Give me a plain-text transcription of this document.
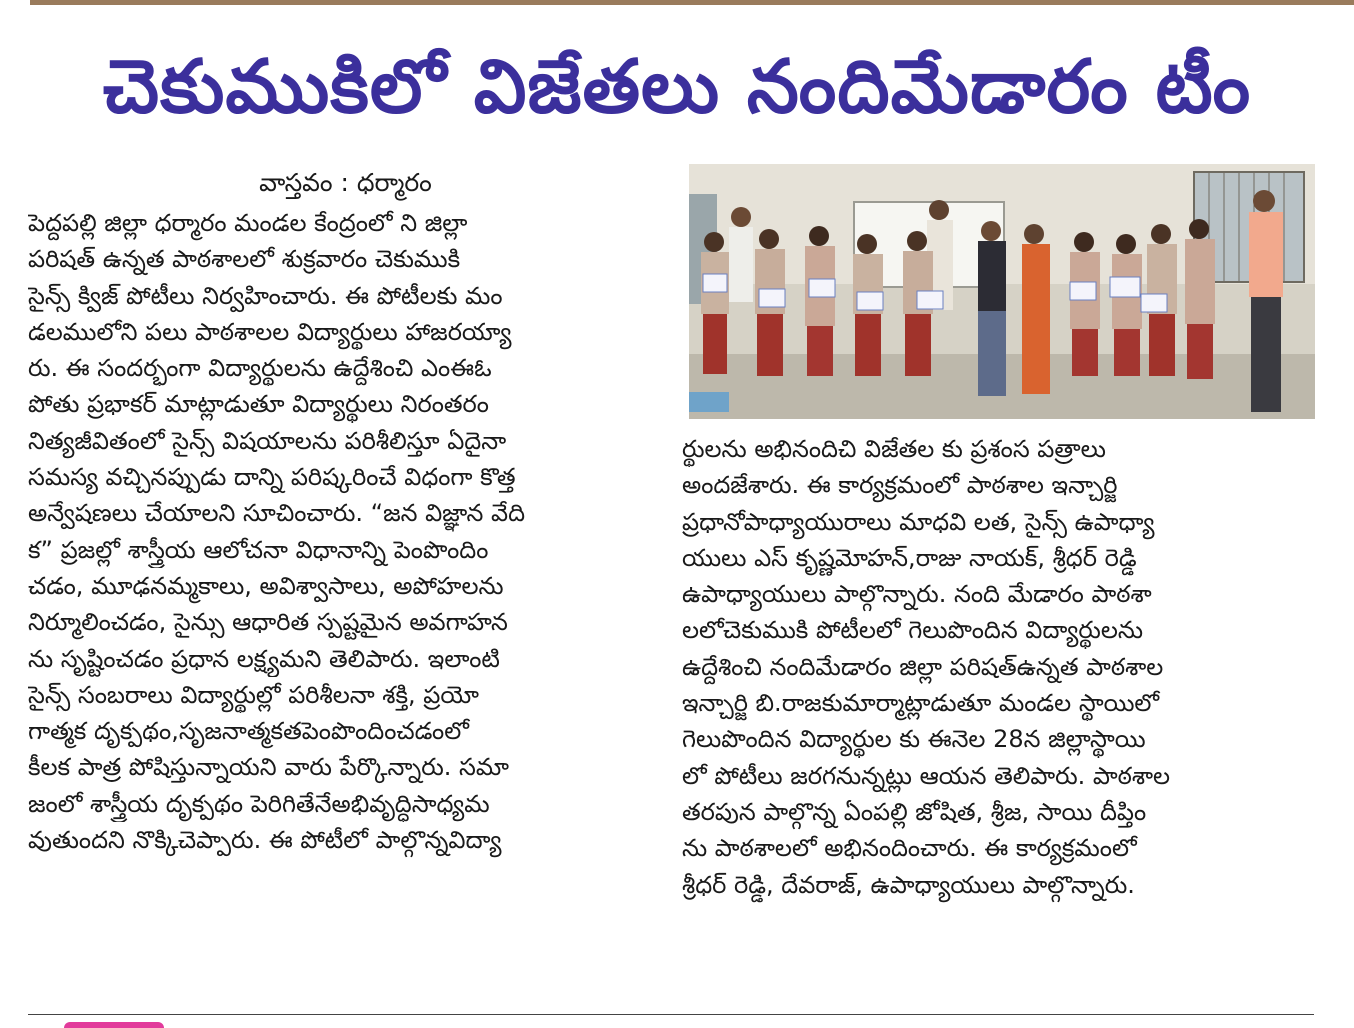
చెకుముకిలో విజేతలు నందిమేడారం టీం
వాస్తవం : ధర్మారం
పెద్దపల్లి జిల్లా ధర్మారం మండల కేంద్రంలో ని జిల్లా
పరిషత్ ఉన్నత పాఠశాలలో శుక్రవారం చెకుముకి
సైన్స్ క్విజ్ పోటీలు నిర్వహించారు. ఈ పోటీలకు మం
డలములోని పలు పాఠశాలల విద్యార్థులు హాజరయ్యా
రు. ఈ సందర్భంగా విద్యార్థులను ఉద్దేశించి ఎంఈఓ
పోతు ప్రభాకర్ మాట్లాడుతూ విద్యార్థులు నిరంతరం
నిత్యజీవితంలో సైన్స్ విషయాలను పరిశీలిస్తూ ఏదైనా
సమస్య వచ్చినప్పుడు దాన్ని పరిష్కరించే విధంగా కొత్త
అన్వేషణలు చేయాలని సూచించారు. “జన విజ్ఞాన వేది
క” ప్రజల్లో శాస్త్రీయ ఆలోచనా విధానాన్ని పెంపొందిం
చడం, మూఢనమ్మకాలు, అవిశ్వాసాలు, అపోహలను
నిర్మూలించడం, సైన్సు ఆధారిత స్పష్టమైన అవగాహన
ను సృష్టించడం ప్రధాన లక్ష్యమని తెలిపారు. ఇలాంటి
సైన్స్ సంబరాలు విద్యార్థుల్లో పరిశీలనా శక్తి, ప్రయో
గాత్మక దృక్పథం,సృజనాత్మకతపెంపొందించడంలో
కీలక పాత్ర పోషిస్తున్నాయని వారు పేర్కొన్నారు. సమా
జంలో శాస్త్రీయ దృక్పథం పెరిగితేనేఅభివృద్ధిసాధ్యమ
వుతుందని నొక్కిచెప్పారు. ఈ పోటీలో పాల్గొన్నవిద్యా
ర్థులను అభినందిచి విజేతల కు ప్రశంస పత్రాలు
అందజేశారు. ఈ కార్యక్రమంలో పాఠశాల ఇన్చార్జి
ప్రధానోపాధ్యాయురాలు మాధవి లత, సైన్స్ ఉపాధ్యా
యులు ఎస్ కృష్ణమోహన్,రాజు నాయక్, శ్రీధర్ రెడ్డి
ఉపాధ్యాయులు పాల్గొన్నారు. నంది మేడారం పాఠశా
లలోచెకుముకి పోటీలలో గెలుపొందిన విద్యార్థులను
ఉద్దేశించి నందిమేడారం జిల్లా పరిషత్ఉన్నత పాఠశాల
ఇన్చార్జి బి.రాజకుమార్మాట్లాడుతూ మండల స్థాయిలో
గెలుపొందిన విద్యార్థుల కు ఈనెల 28న జిల్లాస్థాయి
లో పోటీలు జరగనున్నట్లు ఆయన తెలిపారు. పాఠశాల
తరపున పాల్గొన్న ఏంపల్లి జోషిత, శ్రీజ, సాయి దీప్తిం
ను పాఠశాలలో అభినందించారు. ఈ కార్యక్రమంలో
శ్రీధర్ రెడ్డి, దేవరాజ్, ఉపాధ్యాయులు పాల్గొన్నారు.
